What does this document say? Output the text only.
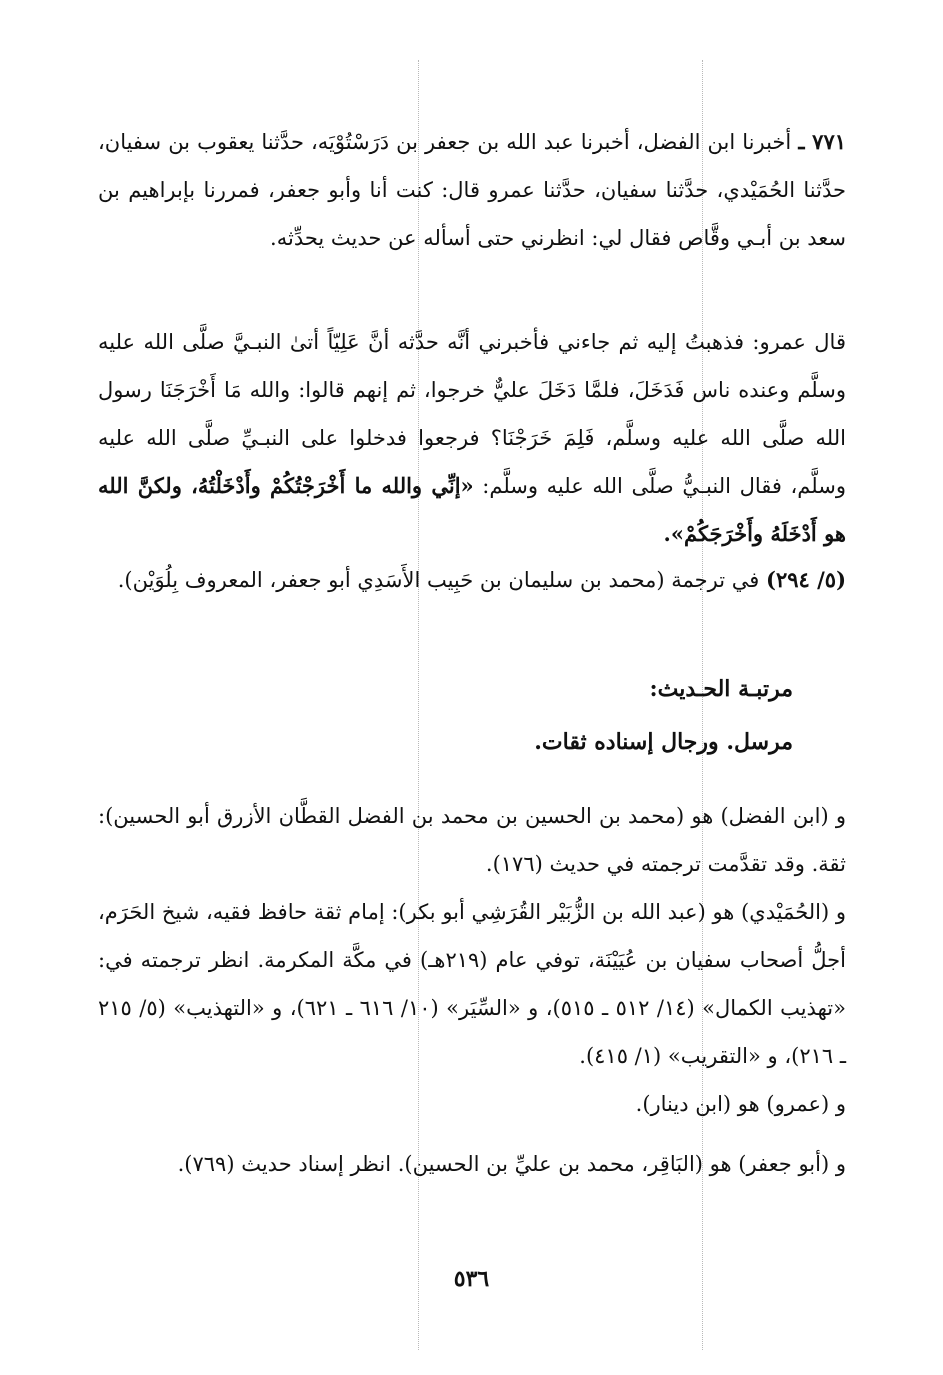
٧٧١ ـ أخبرنا ابن الفضل، أخبرنا عبد الله بن جعفر بن دَرَسْتُوْيَه، حدَّثنا يعقوب بن سفيان، حدَّثنا الحُمَيْدي، حدَّثنا سفيان، حدَّثنا عمرو قال: كنت أنا وأبو جعفر، فمررنا بإبراهيم بن سعد بن أبـي وقَّاص فقال لي: انظرني حتى أسأله عن حديث يحدِّثه.

قال عمرو: فذهبتُ إليه ثم جاءني فأخبرني أنَّه حدَّثه أنَّ عَلِيّاً أتىٰ النبـيَّ صلَّى الله عليه وسلَّم وعنده ناس فَدَخَلَ، فلمَّا دَخَلَ عليٌّ خرجوا، ثم إنهم قالوا: والله مَا أَخْرَجَنَا رسول الله صلَّى الله عليه وسلَّم، فَلِمَ خَرَجْنَا؟ فرجعوا فدخلوا على النبـيِّ صلَّى الله عليه وسلَّم، فقال النبـيُّ صلَّى الله عليه وسلَّم: «إنِّي والله ما أَخْرَجْتُكُمْ وأَدْخَلْتُهُ، ولكنَّ الله هو أَدْخَلَهُ وأَخْرَجَكُمْ».

(٥/ ٢٩٤) في ترجمة (محمد بن سليمان بن حَبِيب الأَسَدِي أبو جعفر، المعروف بِلُوَيْن).

مرتبـة الحـديث:
مرسل. ورجال إسناده ثقات.

و (ابن الفضل) هو (محمد بن الحسين بن محمد بن الفضل القطَّان الأزرق أبو الحسين): ثقة. وقد تقدَّمت ترجمته في حديث (١٧٦).

و (الحُمَيْدي) هو (عبد الله بن الزُّبَيْر القُرَشِي أبو بكر): إمام ثقة حافظ فقيه، شيخ الحَرَم، أجلُّ أصحاب سفيان بن عُيَيْنَة، توفي عام (٢١٩هـ) في مكَّة المكرمة. انظر ترجمته في: «تهذيب الكمال» (١٤/ ٥١٢ ـ ٥١٥)، و «السِّيَر» (١٠/ ٦١٦ ـ ٦٢١)، و «التهذيب» (٥/ ٢١٥ ـ ٢١٦)، و «التقريب» (١/ ٤١٥).

و (عمرو) هو (ابن دينار).

و (أبو جعفر) هو (البَاقِر، محمد بن عليِّ بن الحسين). انظر إسناد حديث (٧٦٩).

٥٣٦
